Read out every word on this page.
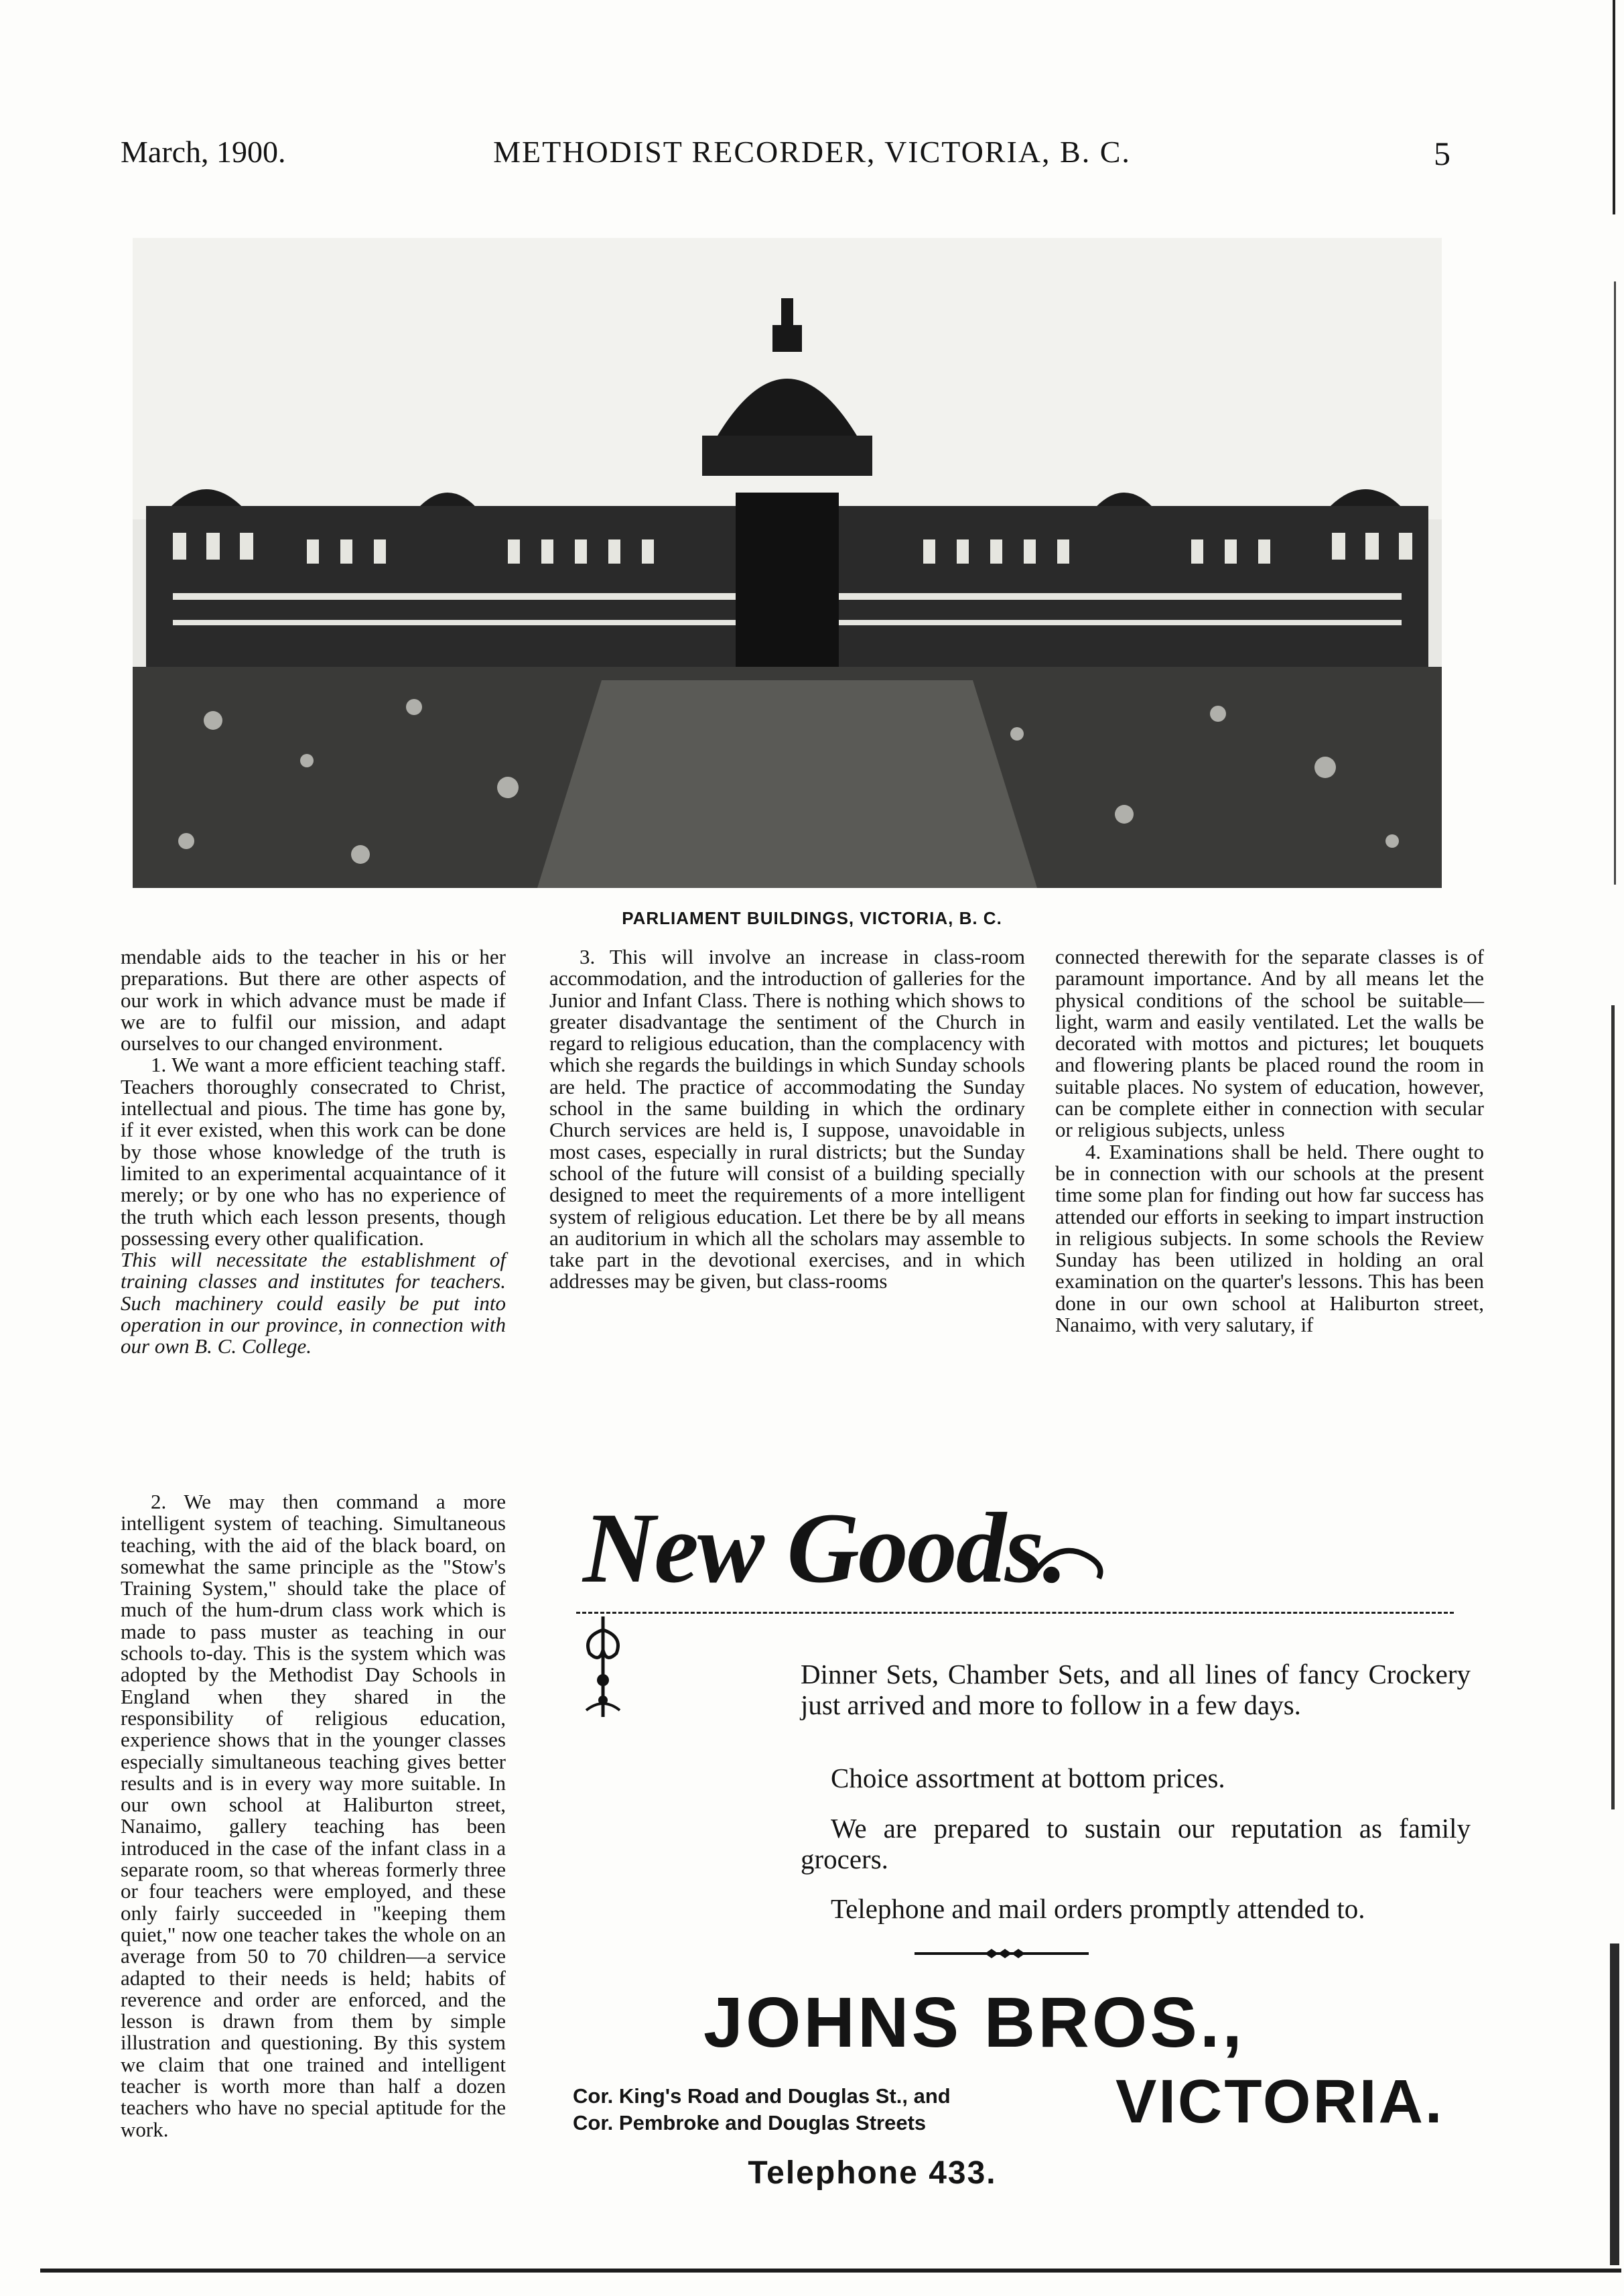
March, 1900.	METHODIST RECORDER, VICTORIA, B. C.	5
PARLIAMENT BUILDINGS, VICTORIA, B. C.

mendable aids to the teacher in his or her preparations. But there are other aspects of our work in which advance must be made if we are to fulfil our mission, and adapt ourselves to our changed environment.

1. We want a more efficient teaching staff. Teachers thoroughly consecrated to Christ, intellectual and pious. The time has gone by, if it ever existed, when this work can be done by those whose knowledge of the truth is limited to an experimental acquaintance of it merely; or by one who has no experience of the truth which each lesson presents, though possessing every other qualification.

This will necessitate the establishment of training classes and institutes for teachers. Such machinery could easily be put into operation in our province, in connection with our own B. C. College.

2. We may then command a more intelligent system of teaching. Simultaneous teaching, with the aid of the black board, on somewhat the same principle as the "Stow's Training System," should take the place of much of the hum-drum class work which is made to pass muster as teaching in our schools to-day. This is the system which was adopted by the Methodist Day Schools in England when they shared in the responsibility of religious education, experience shows that in the younger classes especially simultaneous teaching gives better results and is in every way more suitable. In our own school at Haliburton street, Nanaimo, gallery teaching has been introduced in the case of the infant class in a separate room, so that whereas formerly three or four teachers were employed, and these only fairly succeeded in "keeping them quiet," now one teacher takes the whole on an average from 50 to 70 children—a service adapted to their needs is held; habits of reverence and order are enforced, and the lesson is drawn from them by simple illustration and questioning. By this system we claim that one trained and intelligent teacher is worth more than half a dozen teachers who have no special aptitude for the work.

3. This will involve an increase in class-room accommodation, and the introduction of galleries for the Junior and Infant Class. There is nothing which shows to greater disadvantage the sentiment of the Church in regard to religious education, than the complacency with which she regards the buildings in which Sunday schools are held. The practice of accommodating the Sunday school in the same building in which the ordinary Church services are held is, I suppose, unavoidable in most cases, especially in rural districts; but the Sunday school of the future will consist of a building specially designed to meet the requirements of a more intelligent system of religious education. Let there be by all means an auditorium in which all the scholars may assemble to take part in the devotional exercises, and in which addresses may be given, but class-rooms

connected therewith for the separate classes is of paramount importance. And by all means let the physical conditions of the school be suitable—light, warm and easily ventilated. Let the walls be decorated with mottos and pictures; let bouquets and flowering plants be placed round the room in suitable places. No system of education, however, can be complete either in connection with secular or religious subjects, unless

4. Examinations shall be held. There ought to be in connection with our schools at the present time some plan for finding out how far success has attended our efforts in seeking to impart instruction in religious subjects. In some schools the Review Sunday has been utilized in holding an oral examination on the quarter's lessons. This has been done in our own school at Haliburton street, Nanaimo, with very salutary, if

New Goods.
Dinner Sets, Chamber Sets, and all lines of fancy Crockery just arrived and more to follow in a few days.
Choice assortment at bottom prices.
We are prepared to sustain our reputation as family grocers.
Telephone and mail orders promptly attended to.
JOHNS BROS.,
Cor. King's Road and Douglas St., and
Cor. Pembroke and Douglas Streets	VICTORIA.
Telephone 433.
